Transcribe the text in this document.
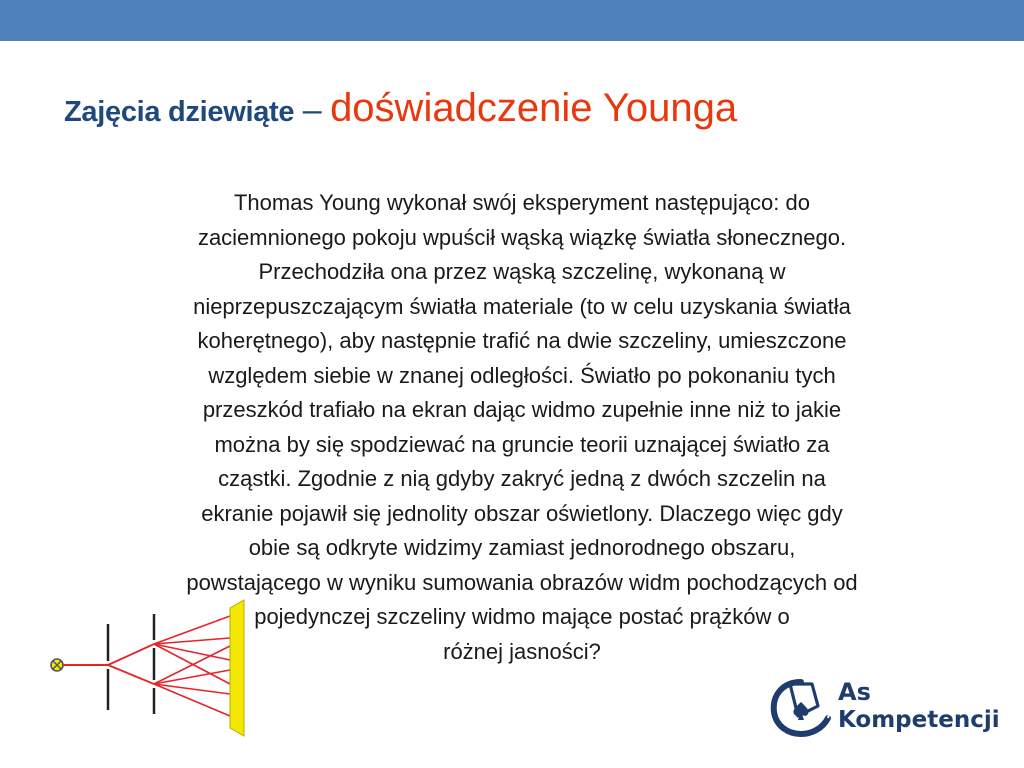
Zajęcia dziewiąte – doświadczenie Younga
Thomas Young wykonał swój eksperyment następująco: do
zaciemnionego pokoju wpuścił wąską wiązkę światła słonecznego.
Przechodziła ona przez wąską szczelinę, wykonaną w
nieprzepuszczającym światła materiale (to w celu uzyskania światła
koherętnego), aby następnie trafić na dwie szczeliny, umieszczone
względem siebie w znanej odległości. Światło po pokonaniu tych
przeszkód trafiało na ekran dając widmo zupełnie inne niż to jakie
można by się spodziewać na gruncie teorii uznającej światło za
cząstki. Zgodnie z nią gdyby zakryć jedną z dwóch szczelin na
ekranie pojawił się jednolity obszar oświetlony. Dlaczego więc gdy
obie są odkryte widzimy zamiast jednorodnego obszaru,
powstającego w wyniku sumowania obrazów widm pochodzących od
pojedynczej szczeliny widmo mające postać prążków o
różnej jasności?
As
Kompetencji
